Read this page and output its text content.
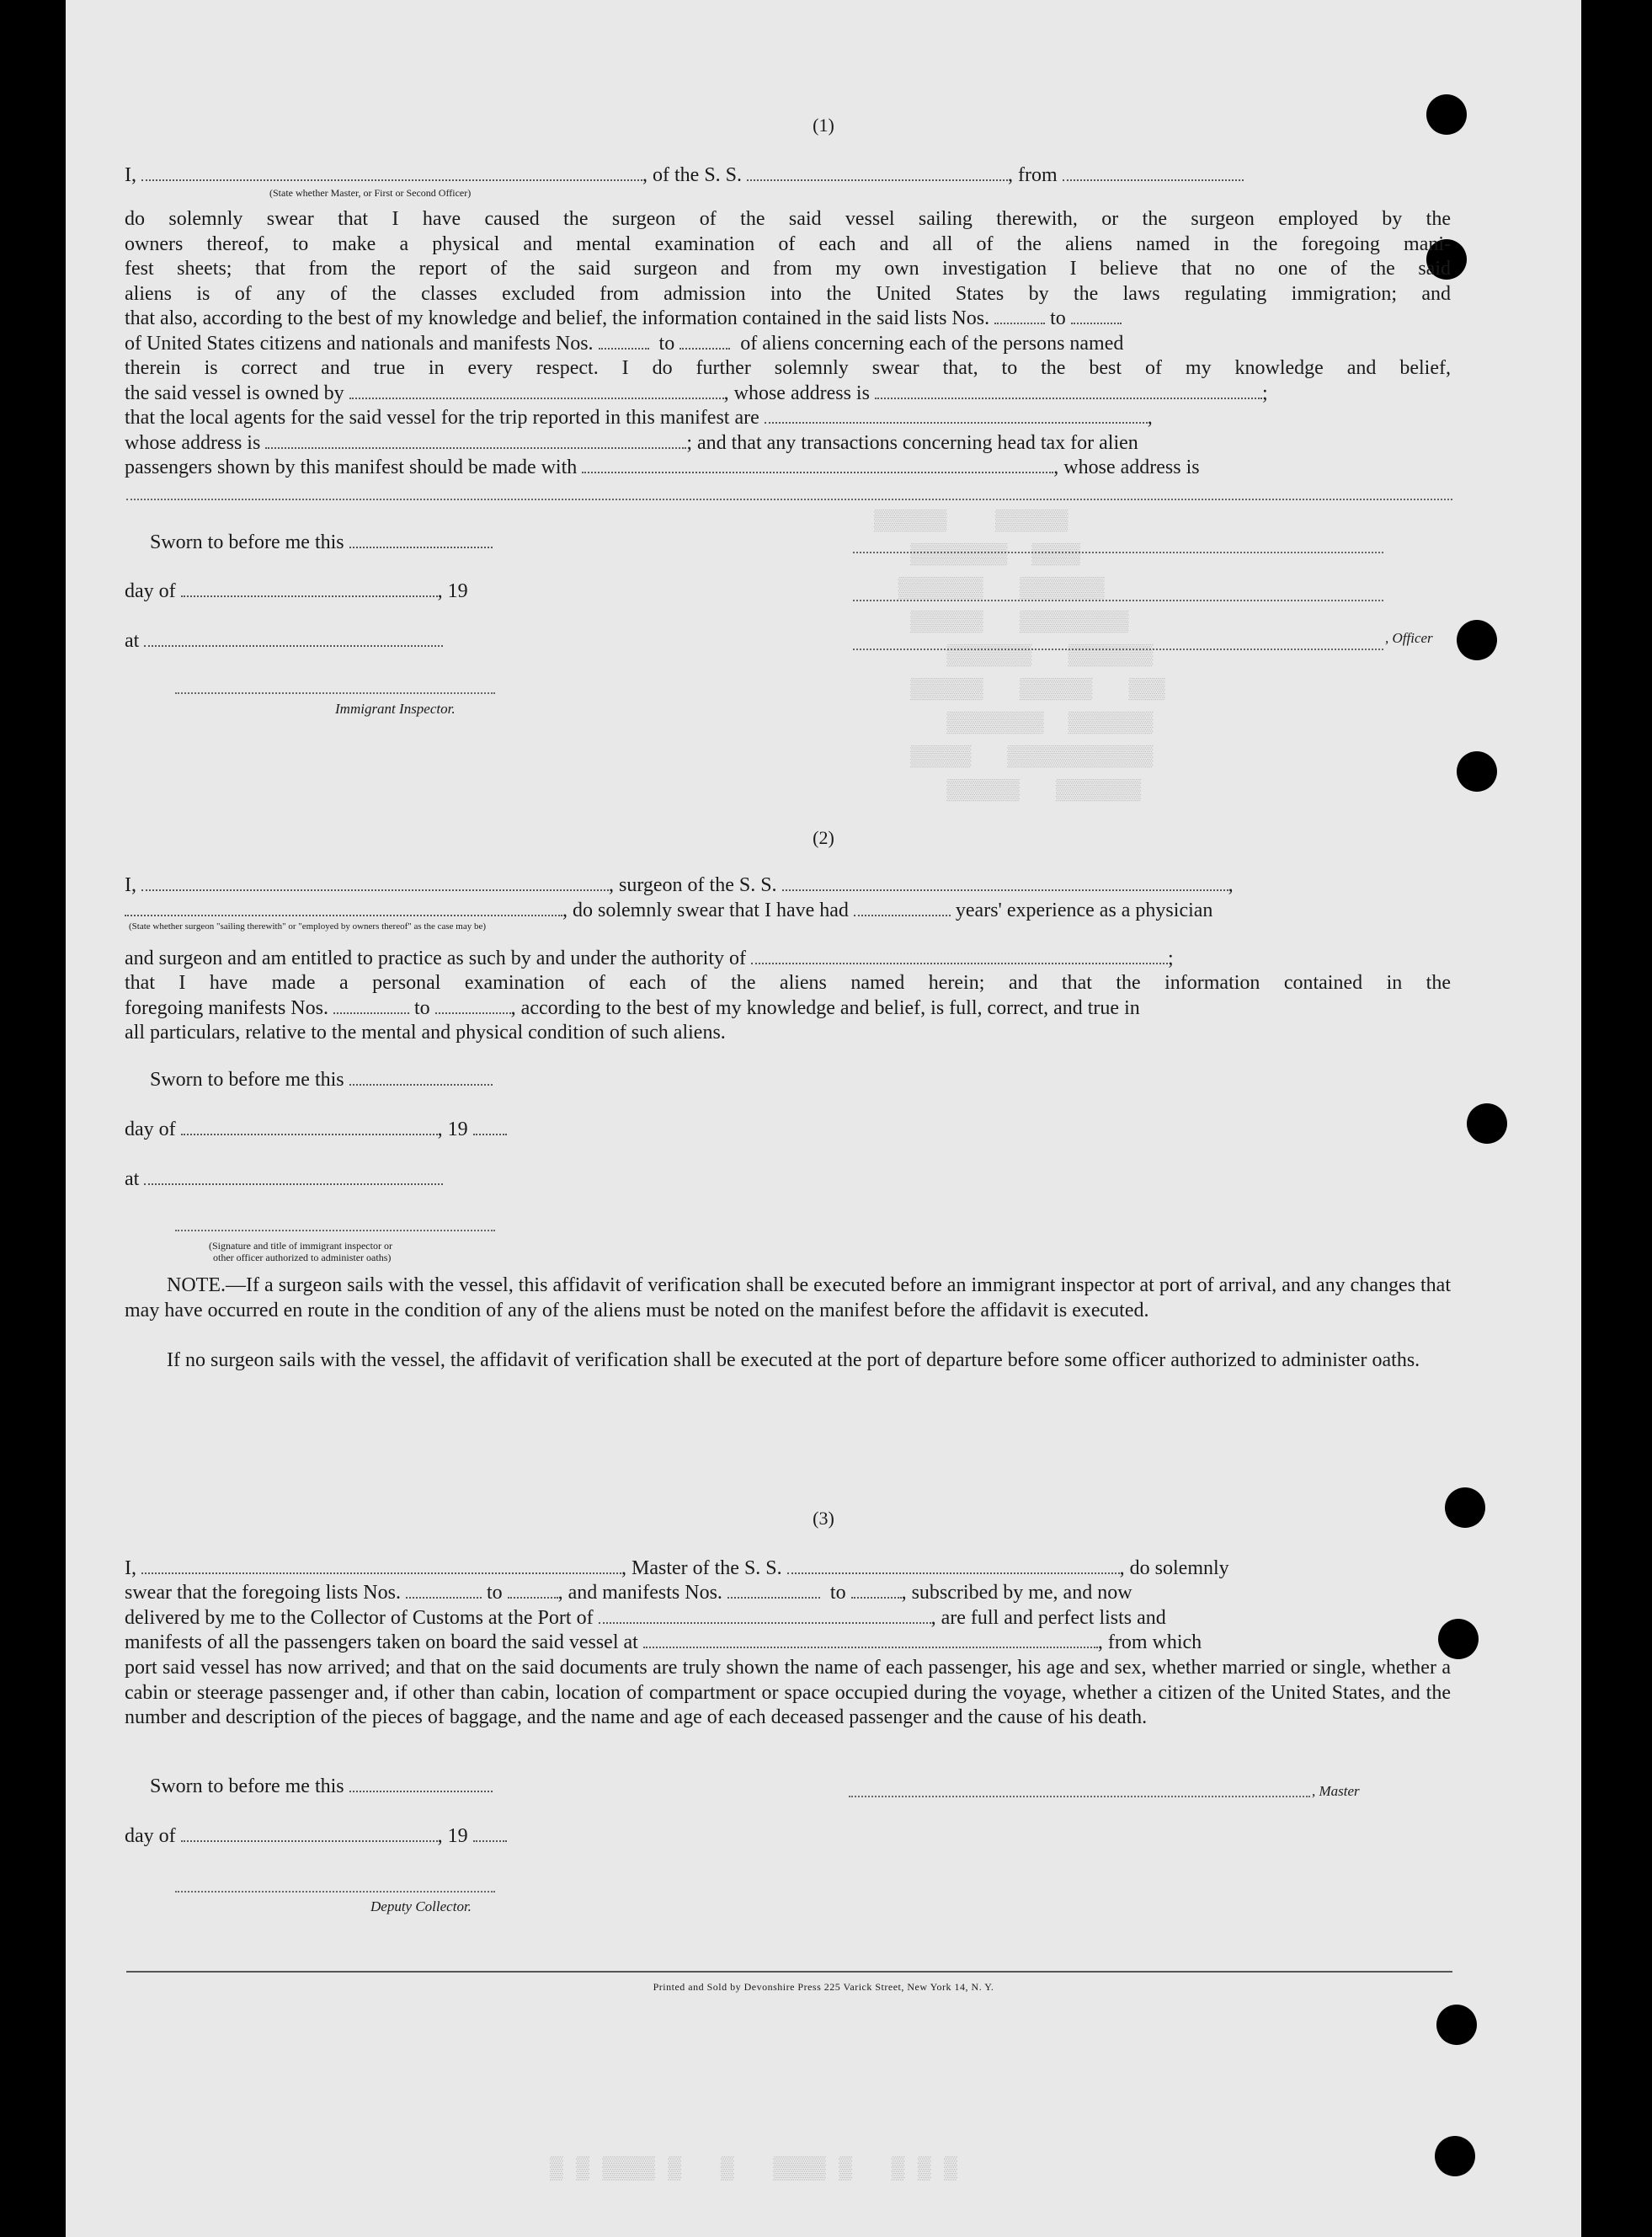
▒▒▒▒▒▒    ▒▒▒▒▒▒
▒▒▒▒▒▒▒▒  ▒▒▒▒
▒▒▒▒▒▒▒   ▒▒▒▒▒▒▒
▒▒▒▒▒▒   ▒▒▒▒▒▒▒▒▒
▒▒▒▒▒▒▒   ▒▒▒▒▒▒▒
▒▒▒▒▒▒   ▒▒▒▒▒▒   ▒▒▒
▒▒▒▒▒▒▒▒  ▒▒▒▒▒▒▒
▒▒▒▒▒   ▒▒▒▒▒▒▒▒▒▒▒▒
▒▒▒▒▒▒   ▒▒▒▒▒▒▒
(1)
I,	, of the S. S.	, from
(State whether Master, or First or Second Officer)
do solemnly swear that I have caused the surgeon of the said vessel sailing therewith, or the surgeon employed by the
owners thereof, to make a physical and mental examination of each and all of the aliens named in the foregoing mani-
fest sheets; that from the report of the said surgeon and from my own investigation I believe that no one of the said
aliens is of any of the classes excluded from admission into the United States by the laws regulating immigration; and
that also, according to the best of my knowledge and belief, the information contained in the said lists Nos.	to
of United States citizens and nationals and manifests Nos.	to	of aliens concerning each of the persons named
therein is correct and true in every respect. I do further solemnly swear that, to the best of my knowledge and belief,
the said vessel is owned by	, whose address is	;
that the local agents for the said vessel for the trip reported in this manifest are	,
whose address is	; and that any transactions concerning head tax for alien
passengers shown by this manifest should be made with	, whose address is
Sworn to before me this
day of	, 19
at	, Officer
Immigrant Inspector.
(2)
I,	, surgeon of the S. S.	,
, do solemnly swear that I have had	years' experience as a physician
(State whether surgeon "sailing therewith" or "employed by owners thereof" as the case may be)
and surgeon and am entitled to practice as such by and under the authority of	;
that I have made a personal examination of each of the aliens named herein; and that the information contained in the
foregoing manifests Nos.	to	, according to the best of my knowledge and belief, is full, correct, and true in
all particulars, relative to the mental and physical condition of such aliens.
Sworn to before me this
day of	, 19
at
(Signature and title of immigrant inspector or
other officer authorized to administer oaths)
NOTE.—If a surgeon sails with the vessel, this affidavit of verification shall be executed before an immigrant inspector at port of arrival, and any changes that may have occurred en route in the condition of any of the aliens must be noted on the manifest before the affidavit is executed.
If no surgeon sails with the vessel, the affidavit of verification shall be executed at the port of departure before some officer authorized to administer oaths.
(3)
I,	, Master of the S. S.	, do solemnly
swear that the foregoing lists Nos.	to	, and manifests Nos.	to	, subscribed by me, and now
delivered by me to the Collector of Customs at the Port of	, are full and perfect lists and
manifests of all the passengers taken on board the said vessel at	, from which
port said vessel has now arrived; and that on the said documents are truly shown the name of each passenger, his age and sex, whether married or single, whether a cabin or steerage passenger and, if other than cabin, location of compartment or space occupied during the voyage, whether a citizen of the United States, and the number and description of the pieces of baggage, and the name and age of each deceased passenger and the cause of his death.
Sworn to before me this	, Master
day of	, 19
Deputy Collector.
Printed and Sold by Devonshire Press 225 Varick Street, New York 14, N. Y.
▒ ▒ ▒▒▒▒ ▒   ▒   ▒▒▒▒ ▒   ▒ ▒ ▒
